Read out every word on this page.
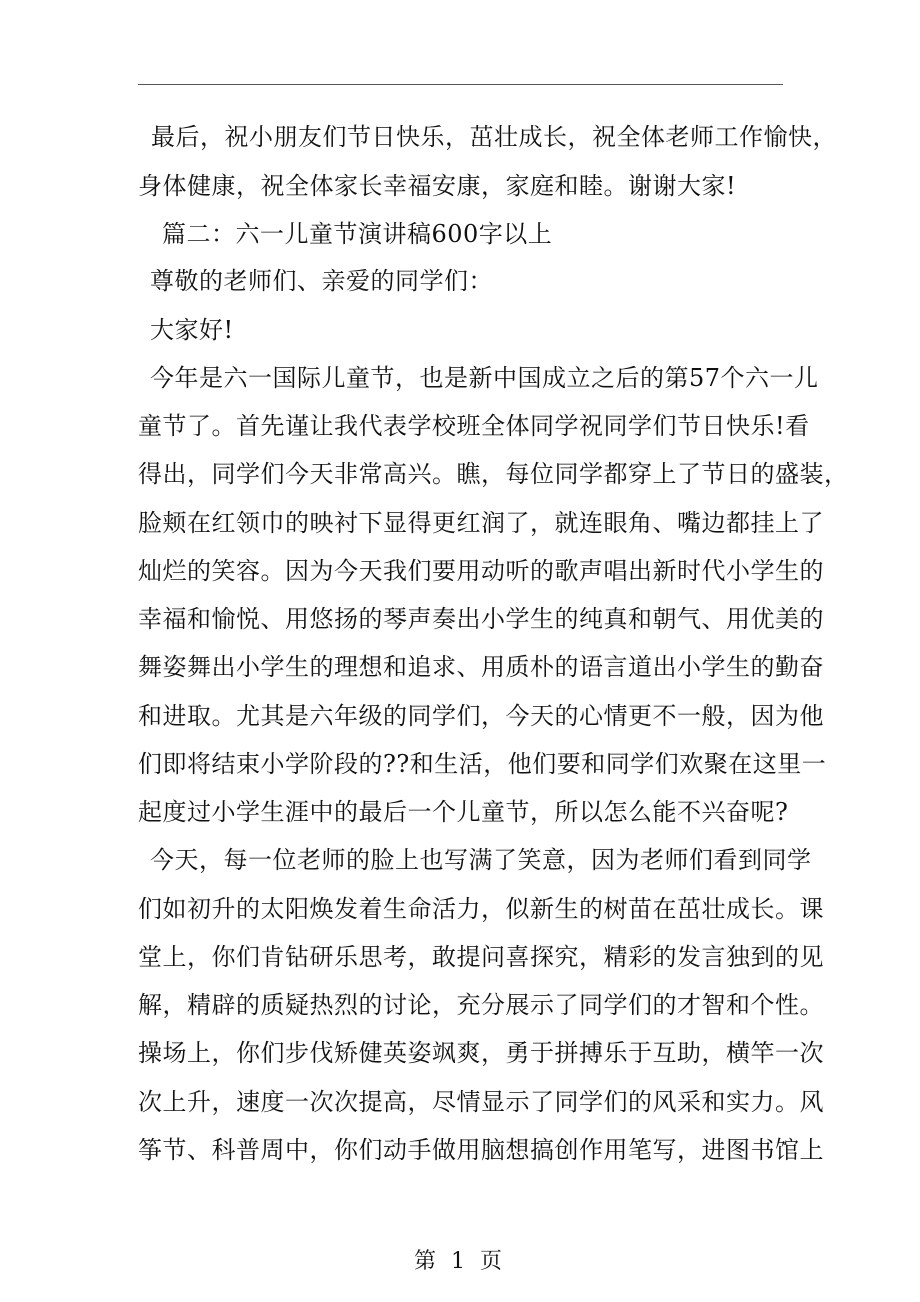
最后，祝小朋友们节日快乐，茁壮成长，祝全体老师工作愉快，
身体健康，祝全体家长幸福安康，家庭和睦。谢谢大家!
篇二：六一儿童节演讲稿600字以上
尊敬的老师们、亲爱的同学们：
大家好!
今年是六一国际儿童节，也是新中国成立之后的第57个六一儿
童节了。首先谨让我代表学校班全体同学祝同学们节日快乐!看
得出，同学们今天非常高兴。瞧，每位同学都穿上了节日的盛装，
脸颊在红领巾的映衬下显得更红润了，就连眼角、嘴边都挂上了
灿烂的笑容。因为今天我们要用动听的歌声唱出新时代小学生的
幸福和愉悦、用悠扬的琴声奏出小学生的纯真和朝气、用优美的
舞姿舞出小学生的理想和追求、用质朴的语言道出小学生的勤奋
和进取。尤其是六年级的同学们，今天的心情更不一般，因为他
们即将结束小学阶段的??和生活，他们要和同学们欢聚在这里一
起度过小学生涯中的最后一个儿童节，所以怎么能不兴奋呢?
今天，每一位老师的脸上也写满了笑意，因为老师们看到同学
们如初升的太阳焕发着生命活力，似新生的树苗在茁壮成长。课
堂上，你们肯钻研乐思考，敢提问喜探究，精彩的发言独到的见
解，精辟的质疑热烈的讨论，充分展示了同学们的才智和个性。
操场上，你们步伐矫健英姿飒爽，勇于拼搏乐于互助，横竿一次
次上升，速度一次次提高，尽情显示了同学们的风采和实力。风
筝节、科普周中，你们动手做用脑想搞创作用笔写，进图书馆上
第 1 页
